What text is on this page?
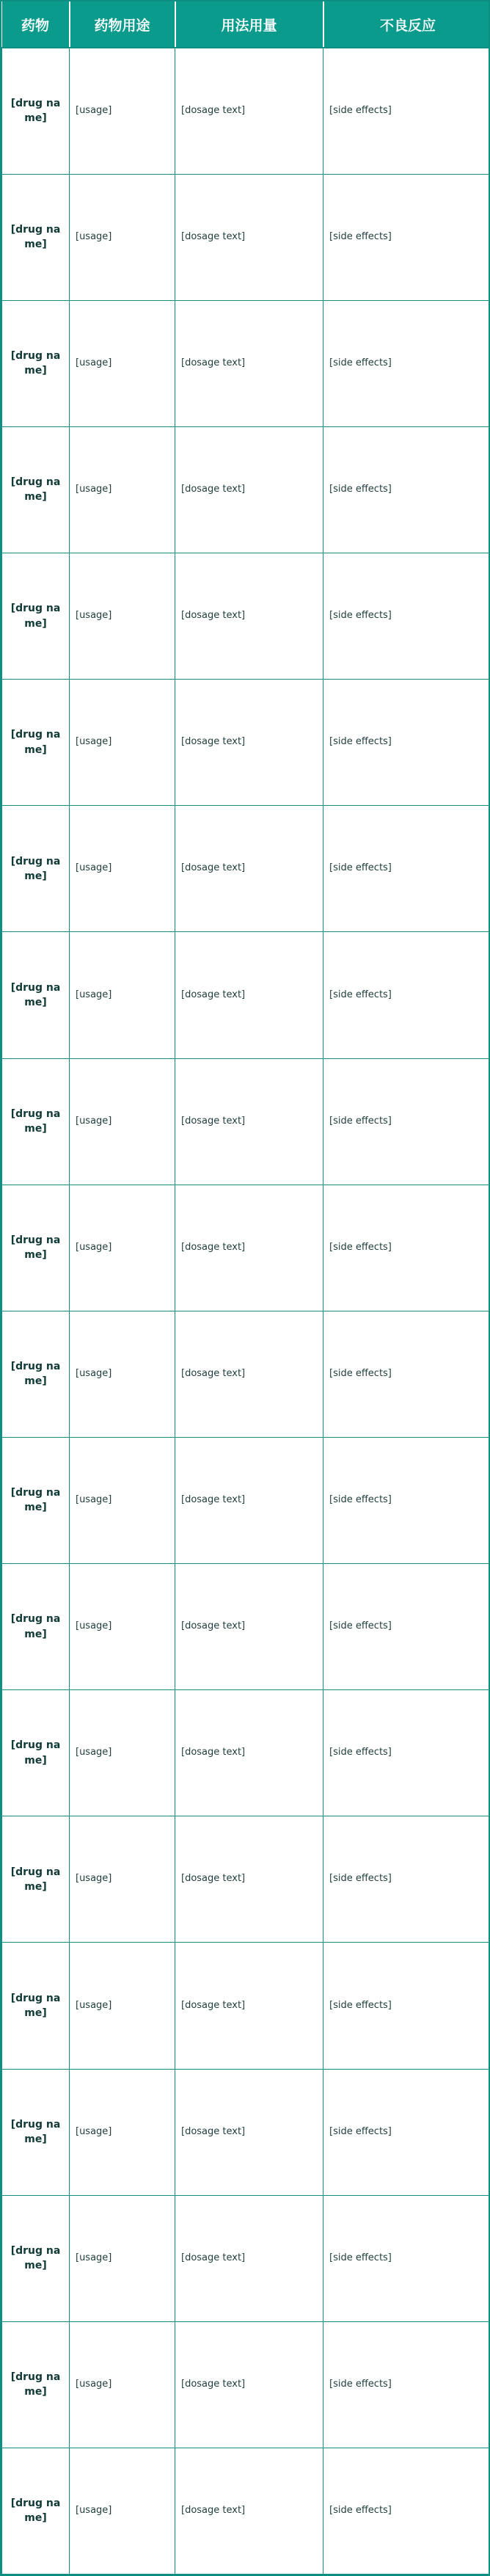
药物	药物用途	用法用量	不良反应
[drug name]	[usage]	[dosage text]	[side effects]
[drug name]	[usage]	[dosage text]	[side effects]
[drug name]	[usage]	[dosage text]	[side effects]
[drug name]	[usage]	[dosage text]	[side effects]
[drug name]	[usage]	[dosage text]	[side effects]
[drug name]	[usage]	[dosage text]	[side effects]
[drug name]	[usage]	[dosage text]	[side effects]
[drug name]	[usage]	[dosage text]	[side effects]
[drug name]	[usage]	[dosage text]	[side effects]
[drug name]	[usage]	[dosage text]	[side effects]
[drug name]	[usage]	[dosage text]	[side effects]
[drug name]	[usage]	[dosage text]	[side effects]
[drug name]	[usage]	[dosage text]	[side effects]
[drug name]	[usage]	[dosage text]	[side effects]
[drug name]	[usage]	[dosage text]	[side effects]
[drug name]	[usage]	[dosage text]	[side effects]
[drug name]	[usage]	[dosage text]	[side effects]
[drug name]	[usage]	[dosage text]	[side effects]
[drug name]	[usage]	[dosage text]	[side effects]
[drug name]	[usage]	[dosage text]	[side effects]
